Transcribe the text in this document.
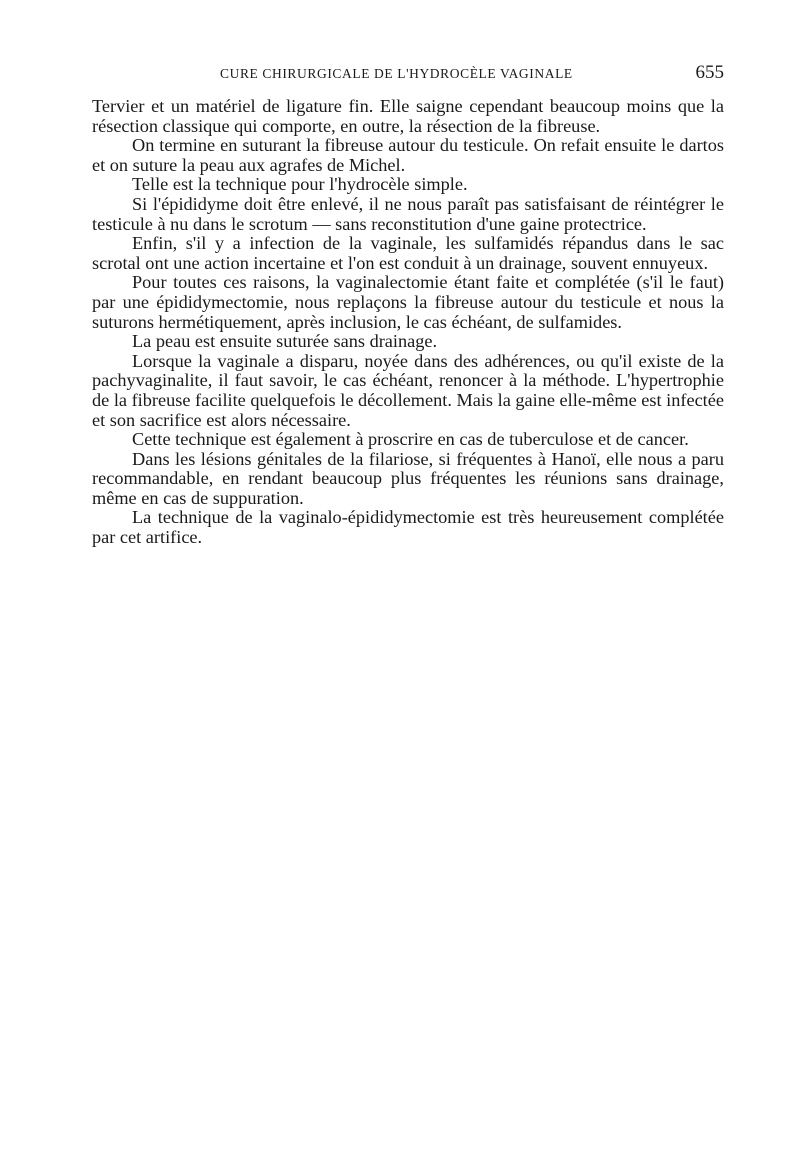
CURE CHIRURGICALE DE L'HYDROCÈLE VAGINALE	655

Tervier et un matériel de ligature fin. Elle saigne cependant beaucoup moins que la résection classique qui comporte, en outre, la résection de la fibreuse.

On termine en suturant la fibreuse autour du testicule. On refait ensuite le dartos et on suture la peau aux agrafes de Michel.

Telle est la technique pour l'hydrocèle simple.

Si l'épididyme doit être enlevé, il ne nous paraît pas satisfaisant de réintégrer le testicule à nu dans le scrotum — sans reconstitution d'une gaine protectrice.

Enfin, s'il y a infection de la vaginale, les sulfamidés répandus dans le sac scrotal ont une action incertaine et l'on est conduit à un drainage, souvent ennuyeux.

Pour toutes ces raisons, la vaginalectomie étant faite et complétée (s'il le faut) par une épididymectomie, nous replaçons la fibreuse autour du testicule et nous la suturons hermétiquement, après inclusion, le cas échéant, de sulfamides.

La peau est ensuite suturée sans drainage.

Lorsque la vaginale a disparu, noyée dans des adhérences, ou qu'il existe de la pachyvaginalite, il faut savoir, le cas échéant, renoncer à la méthode. L'hypertrophie de la fibreuse facilite quelquefois le décollement. Mais la gaine elle-même est infectée et son sacrifice est alors nécessaire.

Cette technique est également à proscrire en cas de tuberculose et de cancer.

Dans les lésions génitales de la filariose, si fréquentes à Hanoï, elle nous a paru recommandable, en rendant beaucoup plus fréquentes les réunions sans drainage, même en cas de suppuration.

La technique de la vaginalo-épididymectomie est très heureusement complétée par cet artifice.
